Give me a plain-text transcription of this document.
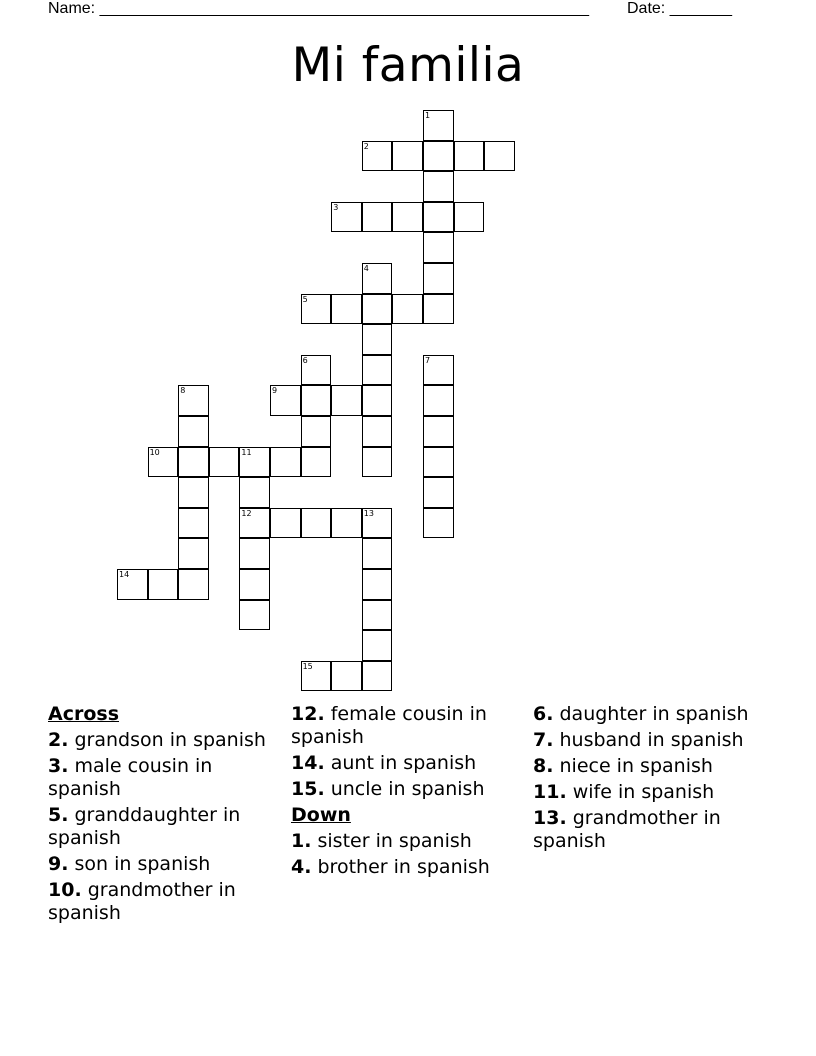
Name: _______________________________________________________ Date: _______
Mi familia
1
2
3
4
5
6	7
8	9
10	11
12	13
14
15
Across
2. grandson in spanish
3. male cousin in spanish
5. granddaughter in spanish
9. son in spanish
10. grandmother in spanish
12. female cousin in spanish
14. aunt in spanish
15. uncle in spanish
Down
1. sister in spanish
4. brother in spanish
6. daughter in spanish
7. husband in spanish
8. niece in spanish
11. wife in spanish
13. grandmother in spanish
